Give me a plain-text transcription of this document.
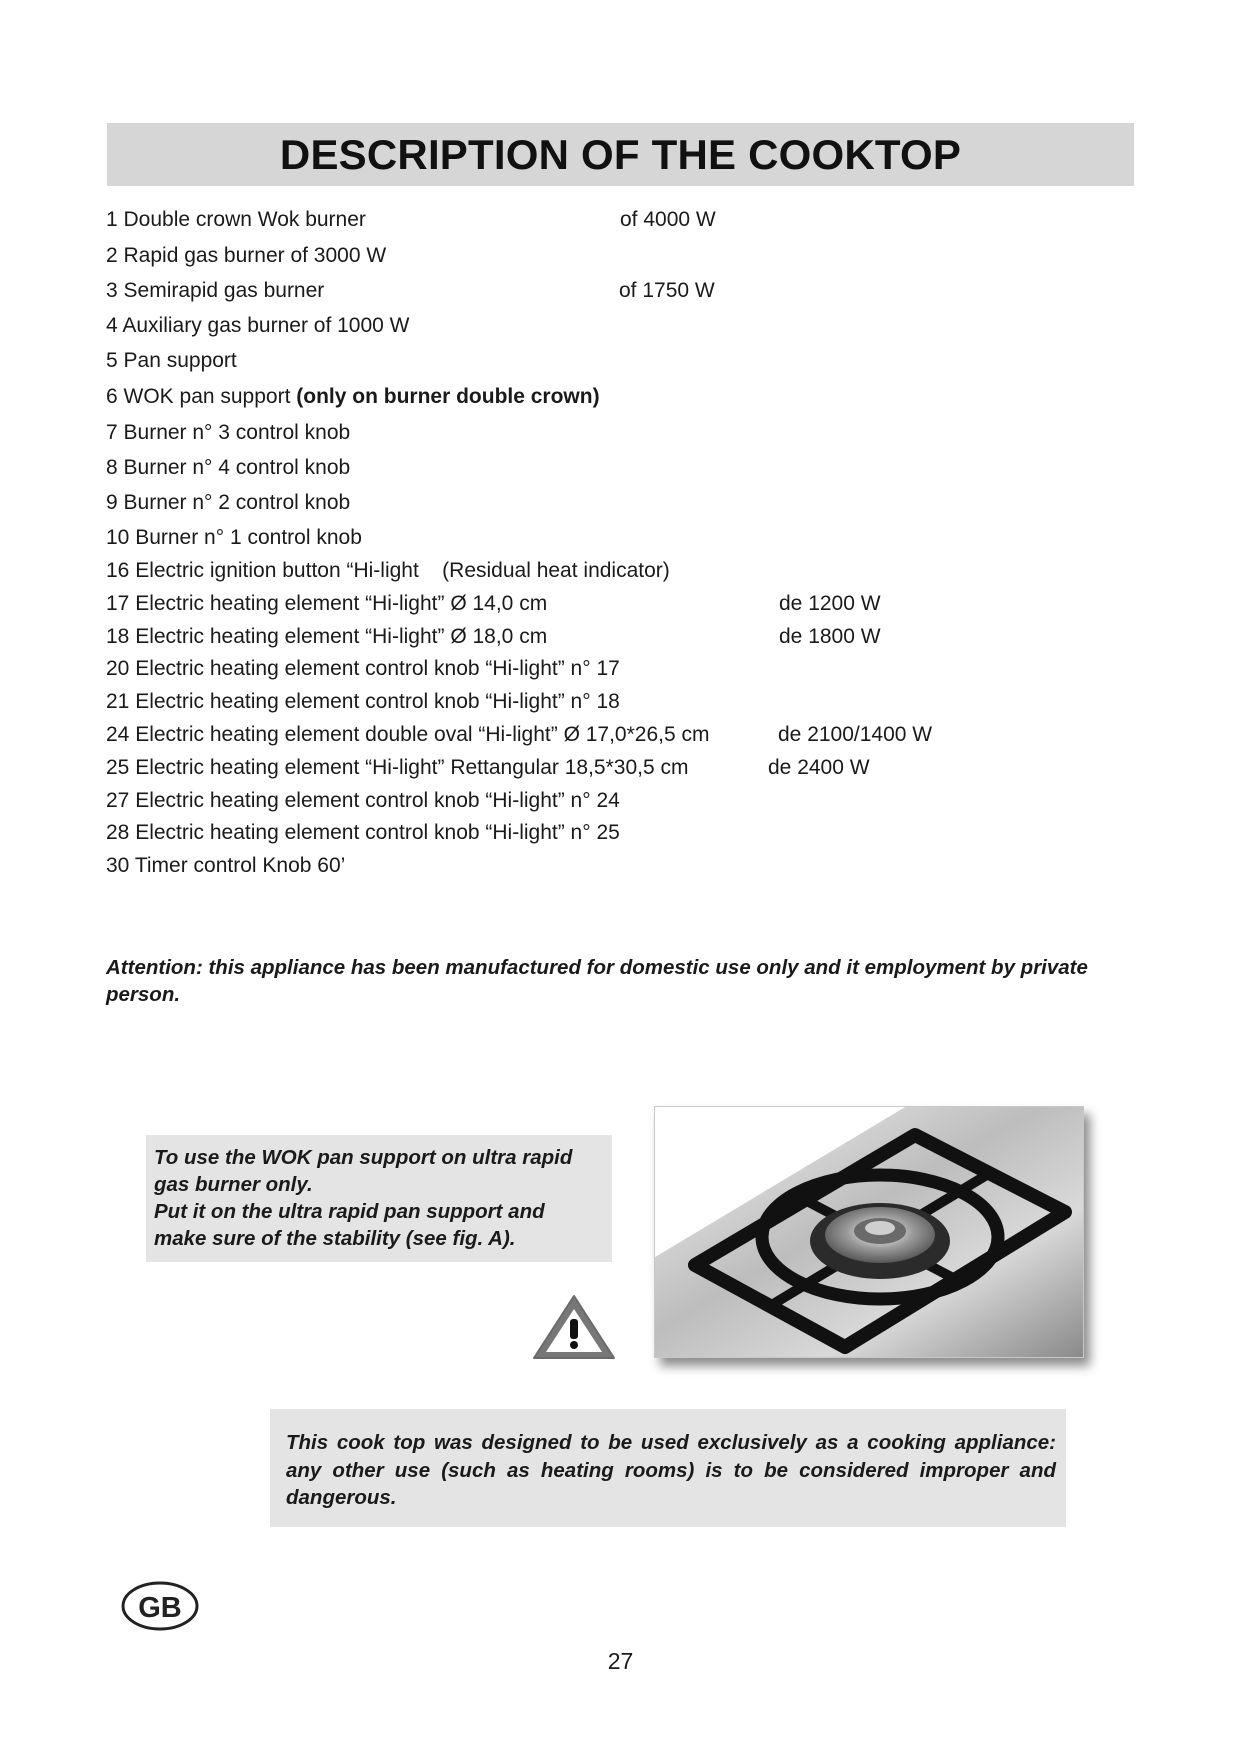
DESCRIPTION OF THE COOKTOP
1 Double crown Wok burner	of 4000 W
2 Rapid gas burner of 3000 W
3 Semirapid gas burner	of 1750 W
4 Auxiliary gas burner of 1000 W
5 Pan support
6 WOK pan support (only on burner double crown)
7 Burner n° 3 control knob
8 Burner n° 4 control knob
9 Burner n° 2 control knob
10 Burner n° 1 control knob
16 Electric ignition button “Hi-light    (Residual heat indicator)
17 Electric heating element “Hi-light” Ø 14,0 cm	de 1200 W
18 Electric heating element “Hi-light” Ø 18,0 cm	de 1800 W
20 Electric heating element control knob “Hi-light” n° 17
21 Electric heating element control knob “Hi-light” n° 18
24 Electric heating element double oval “Hi-light” Ø 17,0*26,5 cm	de 2100/1400 W
25 Electric heating element “Hi-light” Rettangular 18,5*30,5 cm	de 2400 W
27 Electric heating element control knob “Hi-light” n° 24
28 Electric heating element control knob “Hi-light” n° 25
30 Timer control Knob 60’
Attention: this appliance has been manufactured for domestic use only and it employment by private person.

To use the WOK pan support on ultra rapid

gas burner only.

Put it on the ultra rapid pan support and

make sure of the stability (see fig. A).

This cook top was designed to be used exclusively as a cooking appliance: any other use (such as heating rooms) is to be considered improper and dangerous.

GB
27
